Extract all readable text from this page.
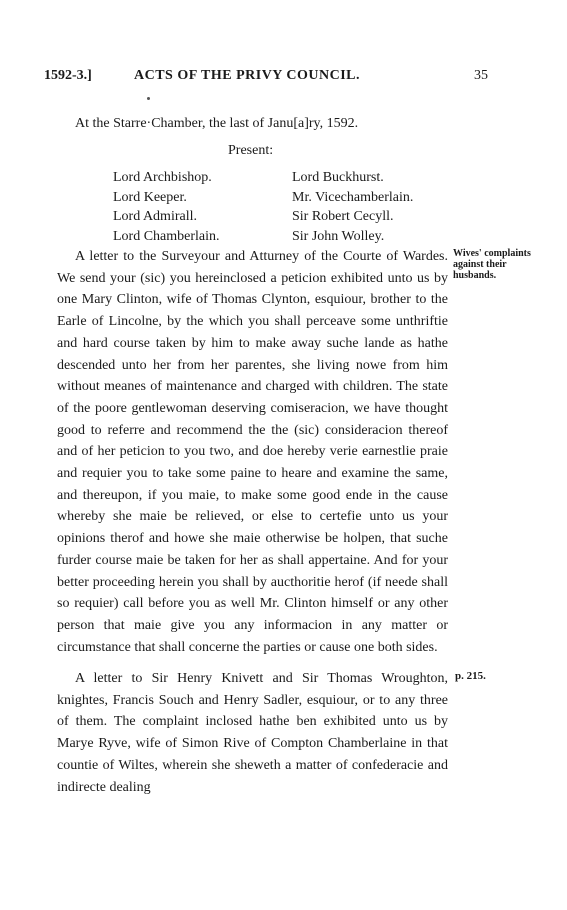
1592-3.]	ACTS OF THE PRIVY COUNCIL.	35
At the Starre·Chamber, the last of Janu[a]ry, 1592.
Present:
Lord Archbishop.
Lord Keeper.
Lord Admirall.
Lord Chamberlain.
Lord Buckhurst.
Mr. Vicechamberlain.
Sir Robert Cecyll.
Sir John Wolley.
Wives' complaints against their husbands.
p. 215.

A letter to the Surveyour and Atturney of the Courte of Wardes. We send your (sic) you hereinclosed a peticion exhibited unto us by one Mary Clinton, wife of Thomas Clynton, esquiour, brother to the Earle of Lincolne, by the which you shall perceave some unthriftie and hard course taken by him to make away suche lande as hathe descended unto her from her parentes, she living nowe from him without meanes of maintenance and charged with children. The state of the poore gentlewoman deserving comiseracion, we have thought good to referre and recommend the the (sic) consideracion thereof and of her peticion to you two, and doe hereby verie earnestlie praie and requier you to take some paine to heare and examine the same, and thereupon, if you maie, to make some good ende in the cause whereby she maie be relieved, or else to certefie unto us your opinions therof and howe she maie otherwise be holpen, that suche furder course maie be taken for her as shall appertaine. And for your better proceeding herein you shall by aucthoritie herof (if neede shall so requier) call before you as well Mr. Clinton himself or any other person that maie give you any informacion in any matter or circumstance that shall concerne the parties or cause one both sides.

A letter to Sir Henry Knivett and Sir Thomas Wroughton, knightes, Francis Souch and Henry Sadler, esquiour, or to any three of them. The complaint inclosed hathe ben exhibited unto us by Marye Ryve, wife of Simon Rive of Compton Chamberlaine in that countie of Wiltes, wherein she sheweth a matter of confederacie and indirecte dealing
